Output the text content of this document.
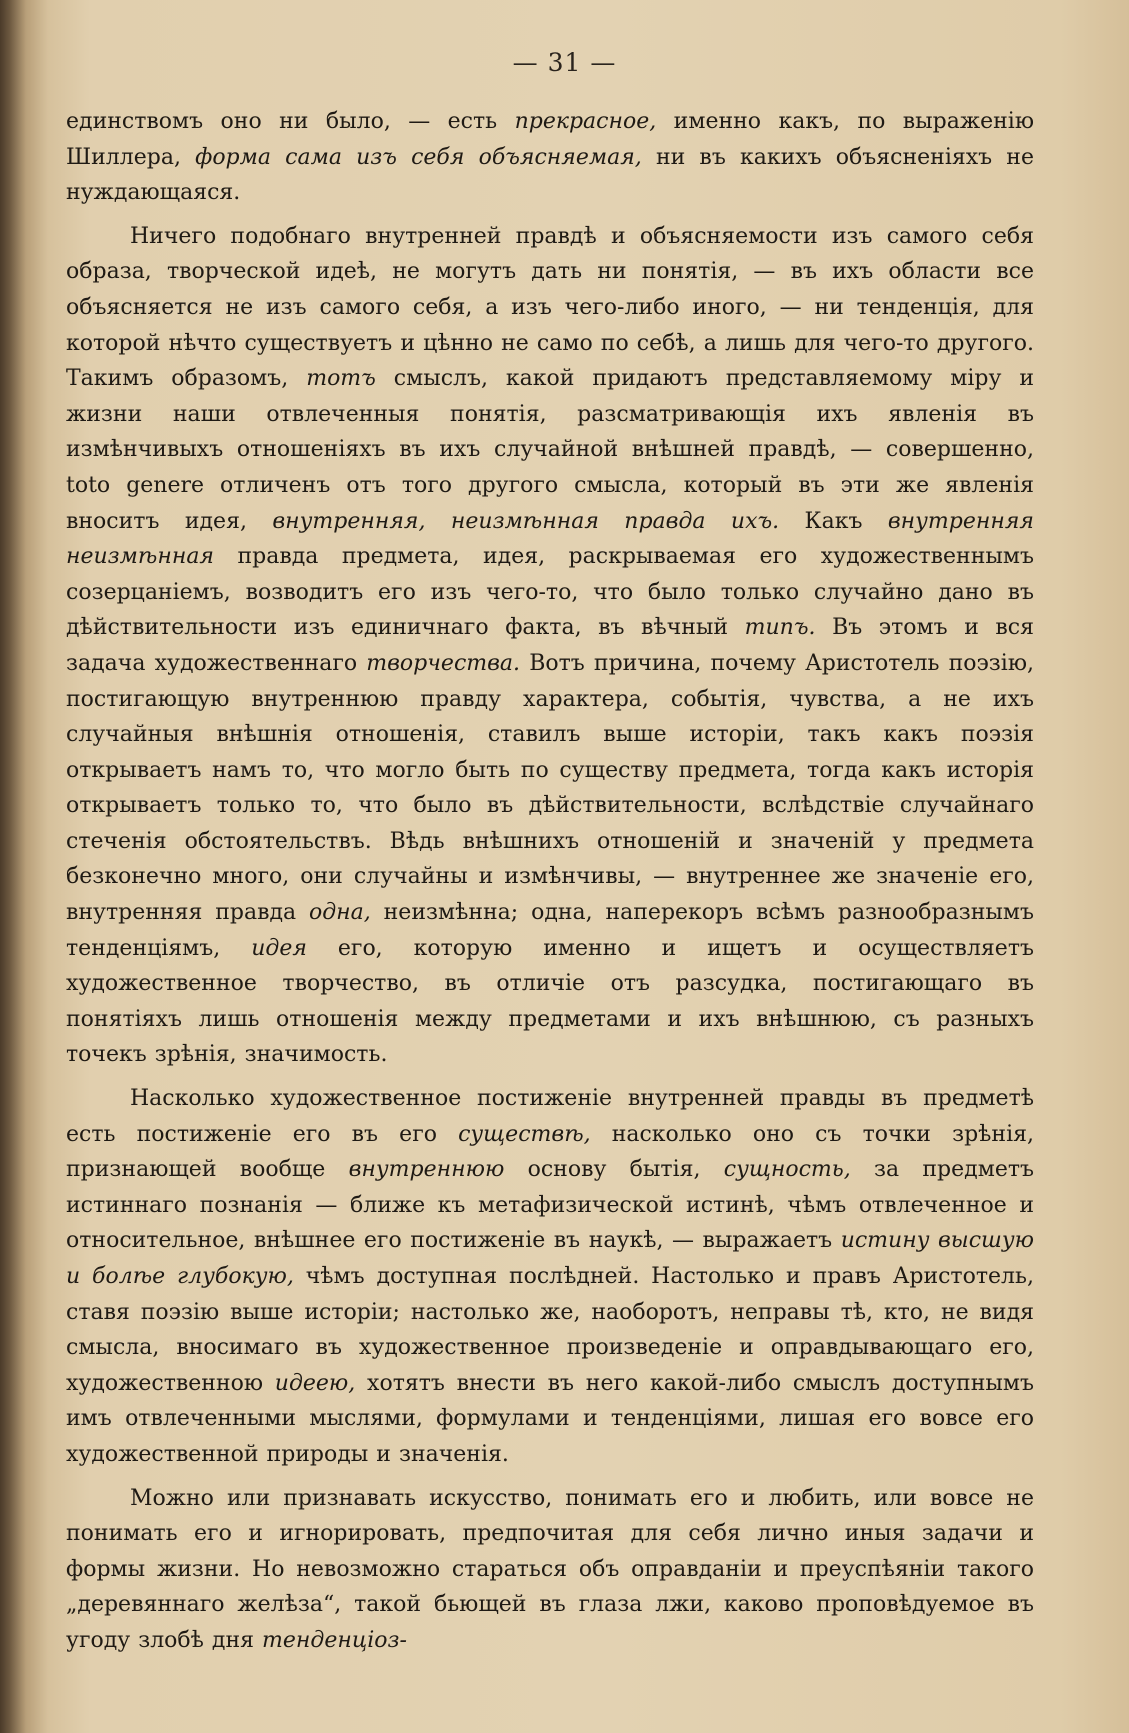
— 31 —

единствомъ оно ни было, — есть прекрасное, именно какъ, по выраженію Шиллера, форма сама изъ себя объясняемая, ни въ какихъ объясненіяхъ не нуждающаяся.

Ничего подобнаго внутренней правдѣ и объясняемости изъ самого себя образа, творческой идеѣ, не могутъ дать ни понятія, — въ ихъ области все объясняется не изъ самого себя, а изъ чего-либо иного, — ни тенденція, для которой нѣчто существуетъ и цѣнно не само по себѣ, а лишь для чего-то другого. Такимъ образомъ, тотъ смыслъ, какой придаютъ представляемому міру и жизни наши отвлеченныя понятія, разсматривающія ихъ явленія въ измѣнчивыхъ отношеніяхъ въ ихъ случайной внѣшней правдѣ, — совершенно, toto genere отличенъ отъ того другого смысла, который въ эти же явленія вноситъ идея, внутренняя, неизмѣнная правда ихъ. Какъ внутренняя неизмѣнная правда предмета, идея, раскрываемая его художественнымъ созерцаніемъ, возводитъ его изъ чего-то, что было только случайно дано въ дѣйствительности изъ единичнаго факта, въ вѣчный типъ. Въ этомъ и вся задача художественнаго творчества. Вотъ причина, почему Аристотель поэзію, постигающую внутреннюю правду характера, событія, чувства, а не ихъ случайныя внѣшнія отношенія, ставилъ выше исторіи, такъ какъ поэзія открываетъ намъ то, что могло быть по существу предмета, тогда какъ исторія открываетъ только то, что было въ дѣйствительности, вслѣдствіе случайнаго стеченія обстоятельствъ. Вѣдь внѣшнихъ отношеній и значеній у предмета безконечно много, они случайны и измѣнчивы, — внутреннее же значеніе его, внутренняя правда одна, неизмѣнна; одна, наперекоръ всѣмъ разнообразнымъ тенденціямъ, идея его, которую именно и ищетъ и осуществляетъ художественное творчество, въ отличіе отъ разсудка, постигающаго въ понятіяхъ лишь отношенія между предметами и ихъ внѣшнюю, съ разныхъ точекъ зрѣнія, значимость.

Насколько художественное постиженіе внутренней правды въ предметѣ есть постиженіе его въ его существѣ, насколько оно съ точки зрѣнія, признающей вообще внутреннюю основу бытія, сущность, за предметъ истиннаго познанія — ближе къ метафизической истинѣ, чѣмъ отвлеченное и относительное, внѣшнее его постиженіе въ наукѣ, — выражаетъ истину высшую и болѣе глубокую, чѣмъ доступная послѣдней. Настолько и правъ Аристотель, ставя поэзію выше исторіи; настолько же, наоборотъ, неправы тѣ, кто, не видя смысла, вносимаго въ художественное произведеніе и оправдывающаго его, художественною идеею, хотятъ внести въ него какой-либо смыслъ доступнымъ имъ отвлеченными мыслями, формулами и тенденціями, лишая его вовсе его художественной природы и значенія.

Можно или признавать искусство, понимать его и любить, или вовсе не понимать его и игнорировать, предпочитая для себя лично иныя задачи и формы жизни. Но невозможно стараться объ оправданіи и преуспѣяніи такого „деревяннаго желѣза“, такой бьющей въ глаза лжи, каково проповѣдуемое въ угоду злобѣ дня тенденціоз-
